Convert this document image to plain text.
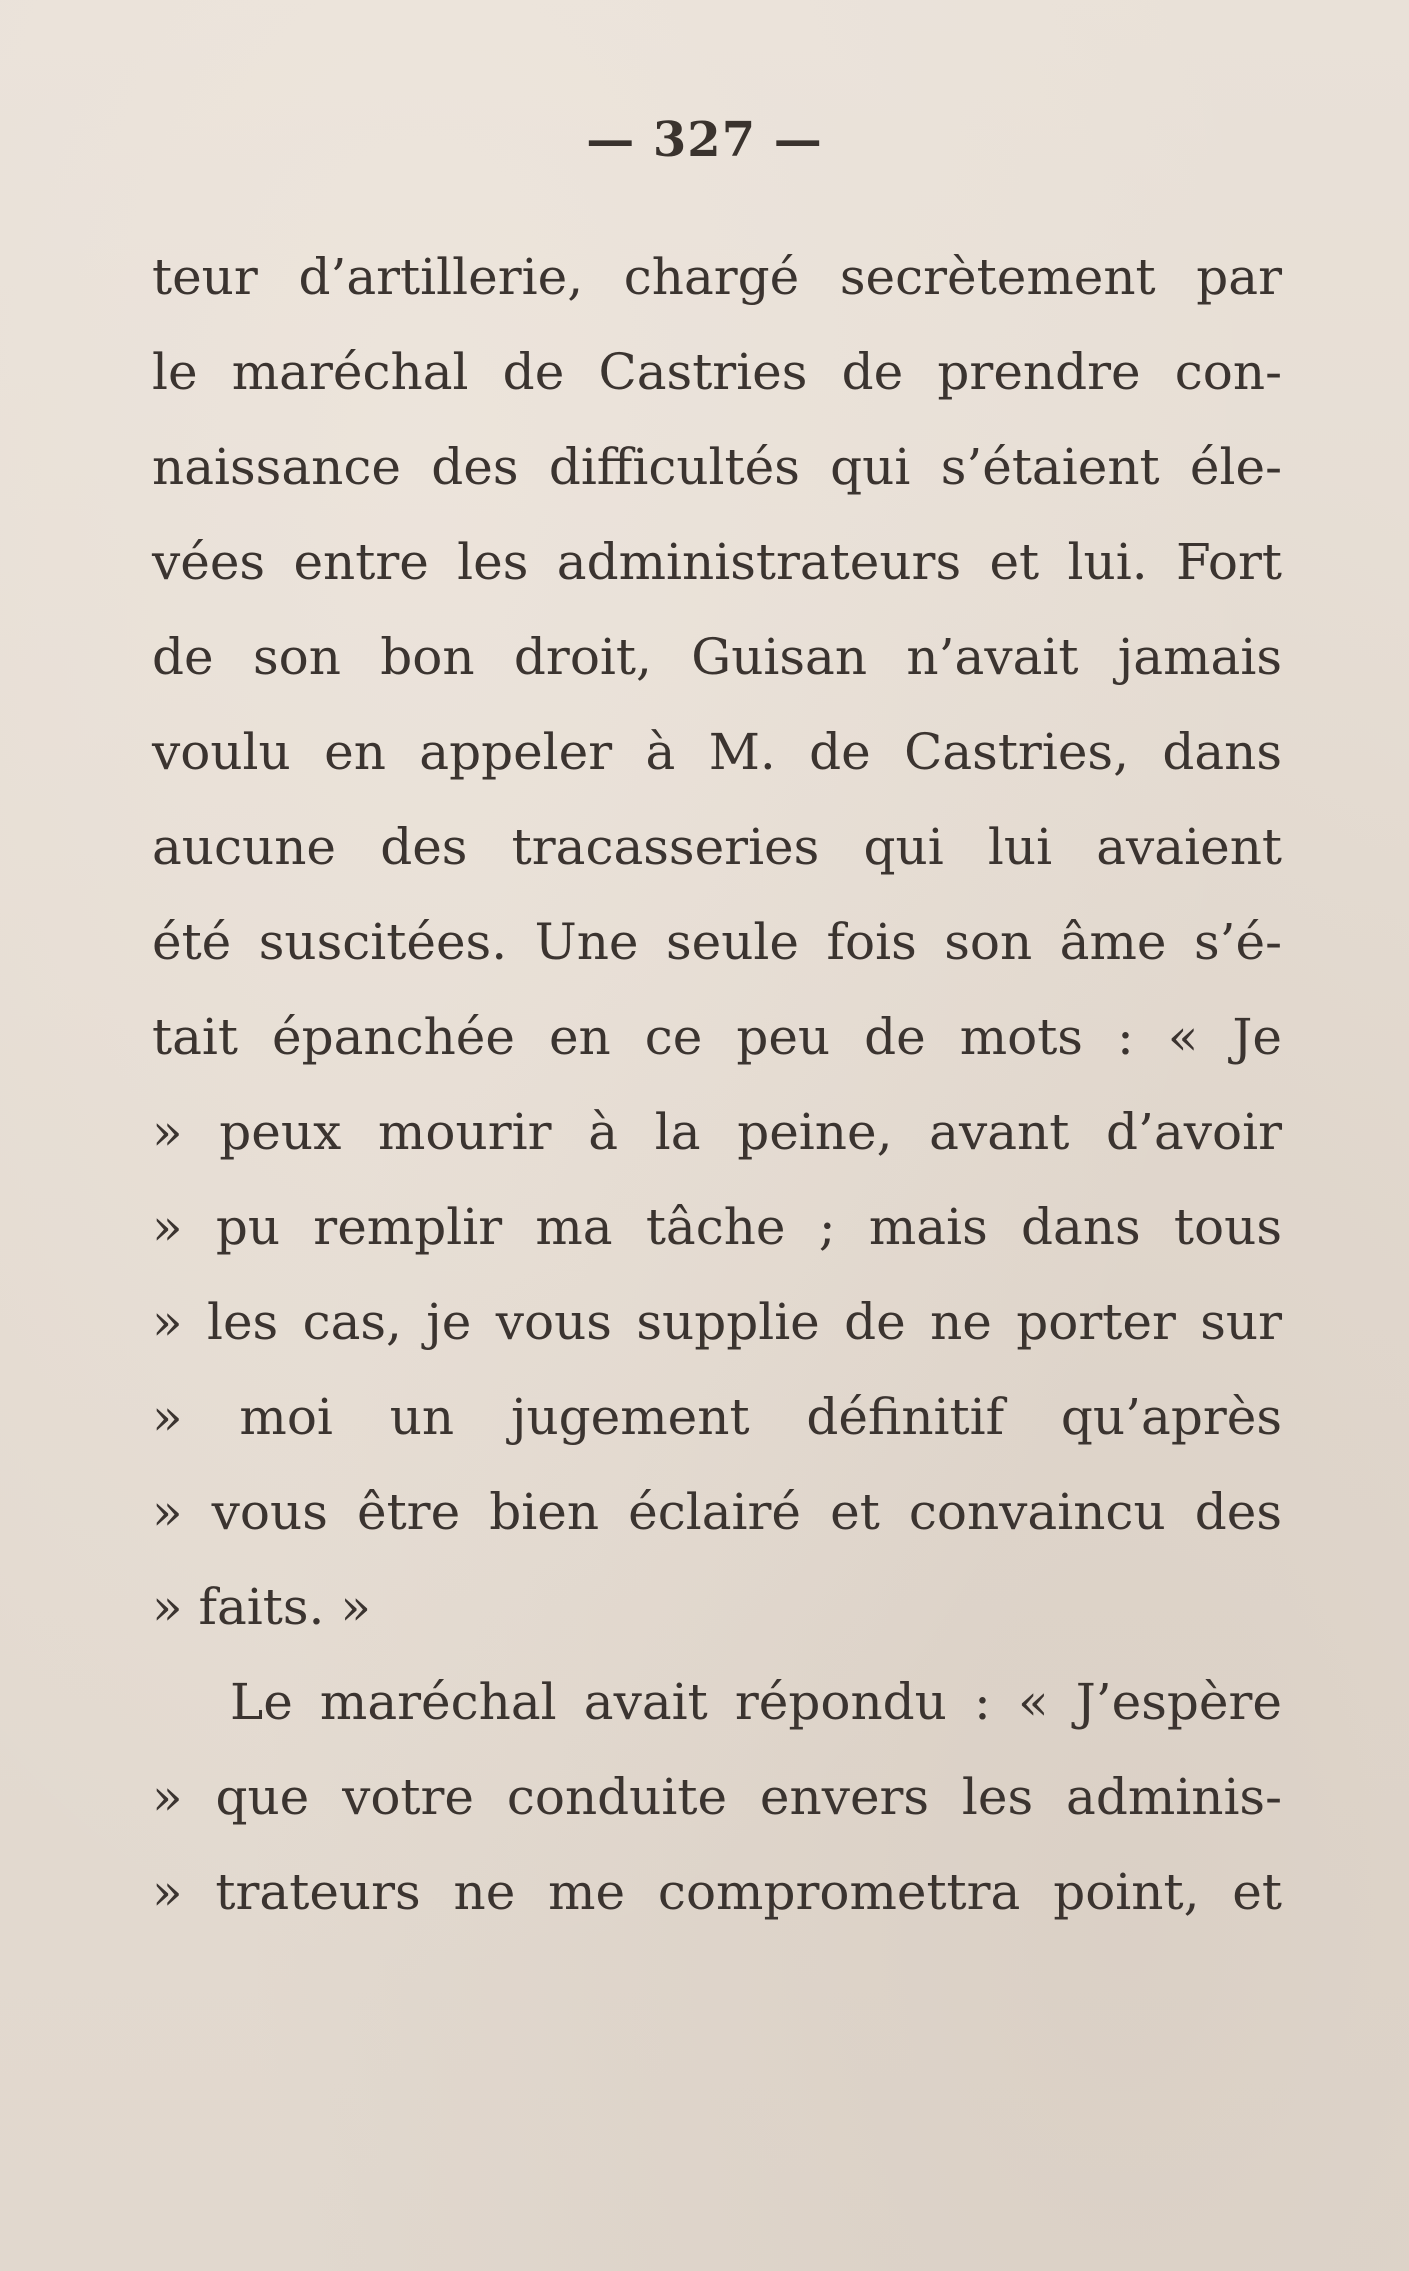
— 327 —
teur d’artillerie, chargé secrètement par
le maréchal de Castries de prendre con-
naissance des difficultés qui s’étaient éle-
vées entre les administrateurs et lui. Fort
de son bon droit, Guisan n’avait jamais
voulu en appeler à M. de Castries, dans
aucune des tracasseries qui lui avaient
été suscitées. Une seule fois son âme s’é-
tait épanchée en ce peu de mots : « Je
» peux mourir à la peine, avant d’avoir
» pu remplir ma tâche ; mais dans tous
» les cas, je vous supplie de ne porter sur
» moi un jugement définitif qu’après
» vous être bien éclairé et convaincu des
» faits. »
Le maréchal avait répondu : « J’espère
» que votre conduite envers les adminis-
» trateurs ne me compromettra point, et
